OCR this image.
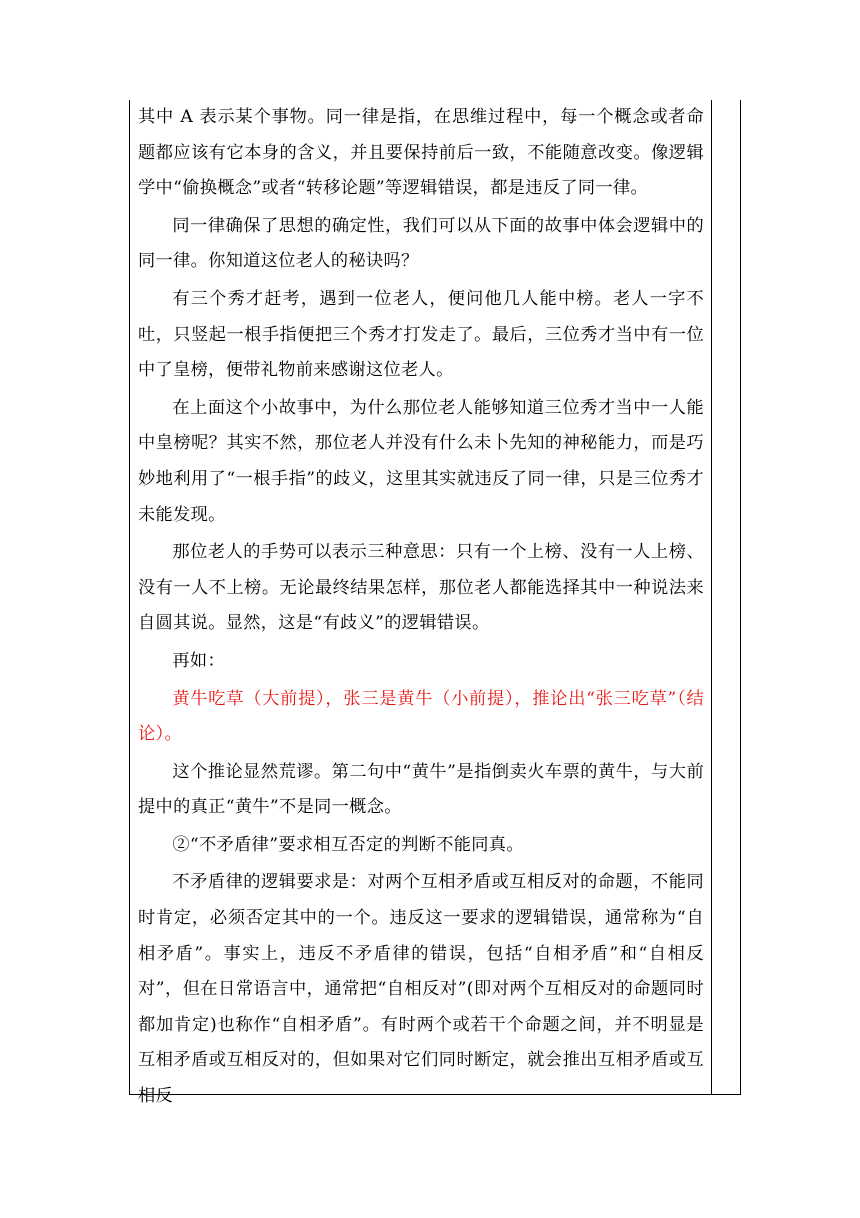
其中 A 表示某个事物。同一律是指，在思维过程中，每一个概念或者命题都应该有它本身的含义，并且要保持前后一致，不能随意改变。像逻辑学中“偷换概念”或者“转移论题”等逻辑错误，都是违反了同一律。

同一律确保了思想的确定性，我们可以从下面的故事中体会逻辑中的同一律。你知道这位老人的秘诀吗？

有三个秀才赶考，遇到一位老人，便问他几人能中榜。老人一字不吐，只竖起一根手指便把三个秀才打发走了。最后，三位秀才当中有一位中了皇榜，便带礼物前来感谢这位老人。

在上面这个小故事中，为什么那位老人能够知道三位秀才当中一人能中皇榜呢？其实不然，那位老人并没有什么未卜先知的神秘能力，而是巧妙地利用了“一根手指”的歧义，这里其实就违反了同一律，只是三位秀才未能发现。

那位老人的手势可以表示三种意思：只有一个上榜、没有一人上榜、没有一人不上榜。无论最终结果怎样，那位老人都能选择其中一种说法来自圆其说。显然，这是“有歧义”的逻辑错误。

再如：

黄牛吃草（大前提），张三是黄牛（小前提），推论出“张三吃草”（结论）。

这个推论显然荒谬。第二句中“黄牛”是指倒卖火车票的黄牛，与大前提中的真正“黄牛”不是同一概念。

②“不矛盾律”要求相互否定的判断不能同真。

不矛盾律的逻辑要求是：对两个互相矛盾或互相反对的命题，不能同时肯定，必须否定其中的一个。违反这一要求的逻辑错误，通常称为“自相矛盾”。事实上，违反不矛盾律的错误，包括“自相矛盾”和“自相反对”，但在日常语言中，通常把“自相反对”(即对两个互相反对的命题同时都加肯定)也称作“自相矛盾”。有时两个或若干个命题之间，并不明显是互相矛盾或互相反对的，但如果对它们同时断定，就会推出互相矛盾或互相反
